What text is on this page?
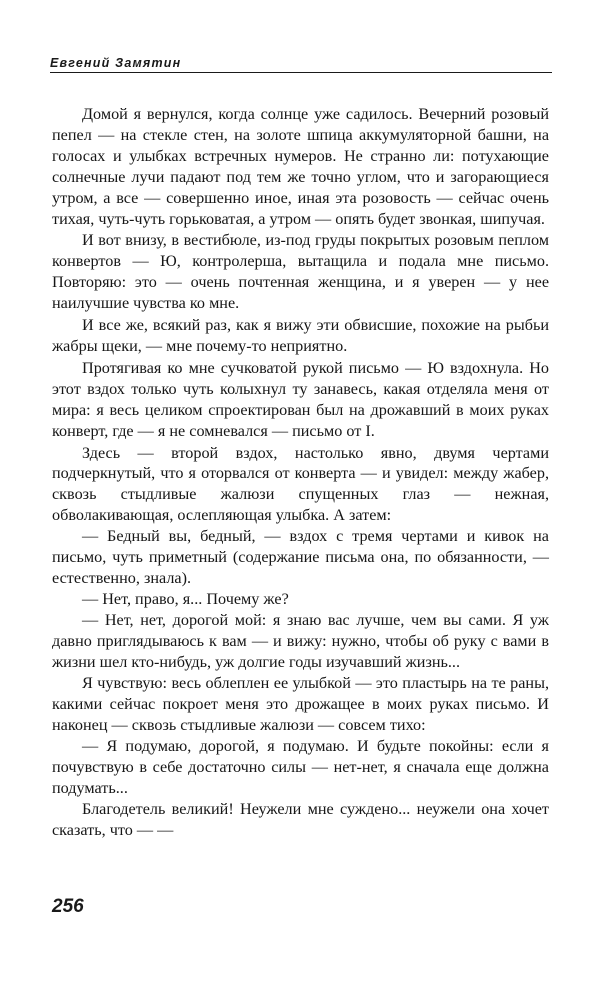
Евгений Замятин

Домой я вернулся, когда солнце уже садилось. Вечерний розовый пепел — на стекле стен, на золоте шпица аккумуляторной башни, на голосах и улыбках встречных нумеров. Не странно ли: потухающие солнечные лучи падают под тем же точно углом, что и загорающиеся утром, а все — совершенно иное, иная эта розовость — сейчас очень тихая, чуть-чуть горьковатая, а утром — опять будет звонкая, шипучая.

И вот внизу, в вестибюле, из-под груды покрытых розовым пеплом конвертов — Ю, контролерша, вытащила и подала мне письмо. Повторяю: это — очень почтенная женщина, и я уверен — у нее наилучшие чувства ко мне.

И все же, всякий раз, как я вижу эти обвисшие, похожие на рыбьи жабры щеки, — мне почему-то неприятно.

Протягивая ко мне сучковатой рукой письмо — Ю вздохнула. Но этот вздох только чуть колыхнул ту занавесь, какая отделяла меня от мира: я весь целиком спроектирован был на дрожавший в моих руках конверт, где — я не сомневался — письмо от I.

Здесь — второй вздох, настолько явно, двумя чертами подчеркнутый, что я оторвался от конверта — и увидел: между жабер, сквозь стыдливые жалюзи спущенных глаз — нежная, обволакивающая, ослепляющая улыбка. А затем:

— Бедный вы, бедный, — вздох с тремя чертами и кивок на письмо, чуть приметный (содержание письма она, по обязанности, — естественно, знала).

— Нет, право, я... Почему же?

— Нет, нет, дорогой мой: я знаю вас лучше, чем вы сами. Я уж давно приглядываюсь к вам — и вижу: нужно, чтобы об руку с вами в жизни шел кто-нибудь, уж долгие годы изучавший жизнь...

Я чувствую: весь облеплен ее улыбкой — это пластырь на те раны, какими сейчас покроет меня это дрожащее в моих руках письмо. И наконец — сквозь стыдливые жалюзи — совсем тихо:

— Я подумаю, дорогой, я подумаю. И будьте покойны: если я почувствую в себе достаточно силы — нет-нет, я сначала еще должна подумать...

Благодетель великий! Неужели мне суждено... неужели она хочет сказать, что — —

256
